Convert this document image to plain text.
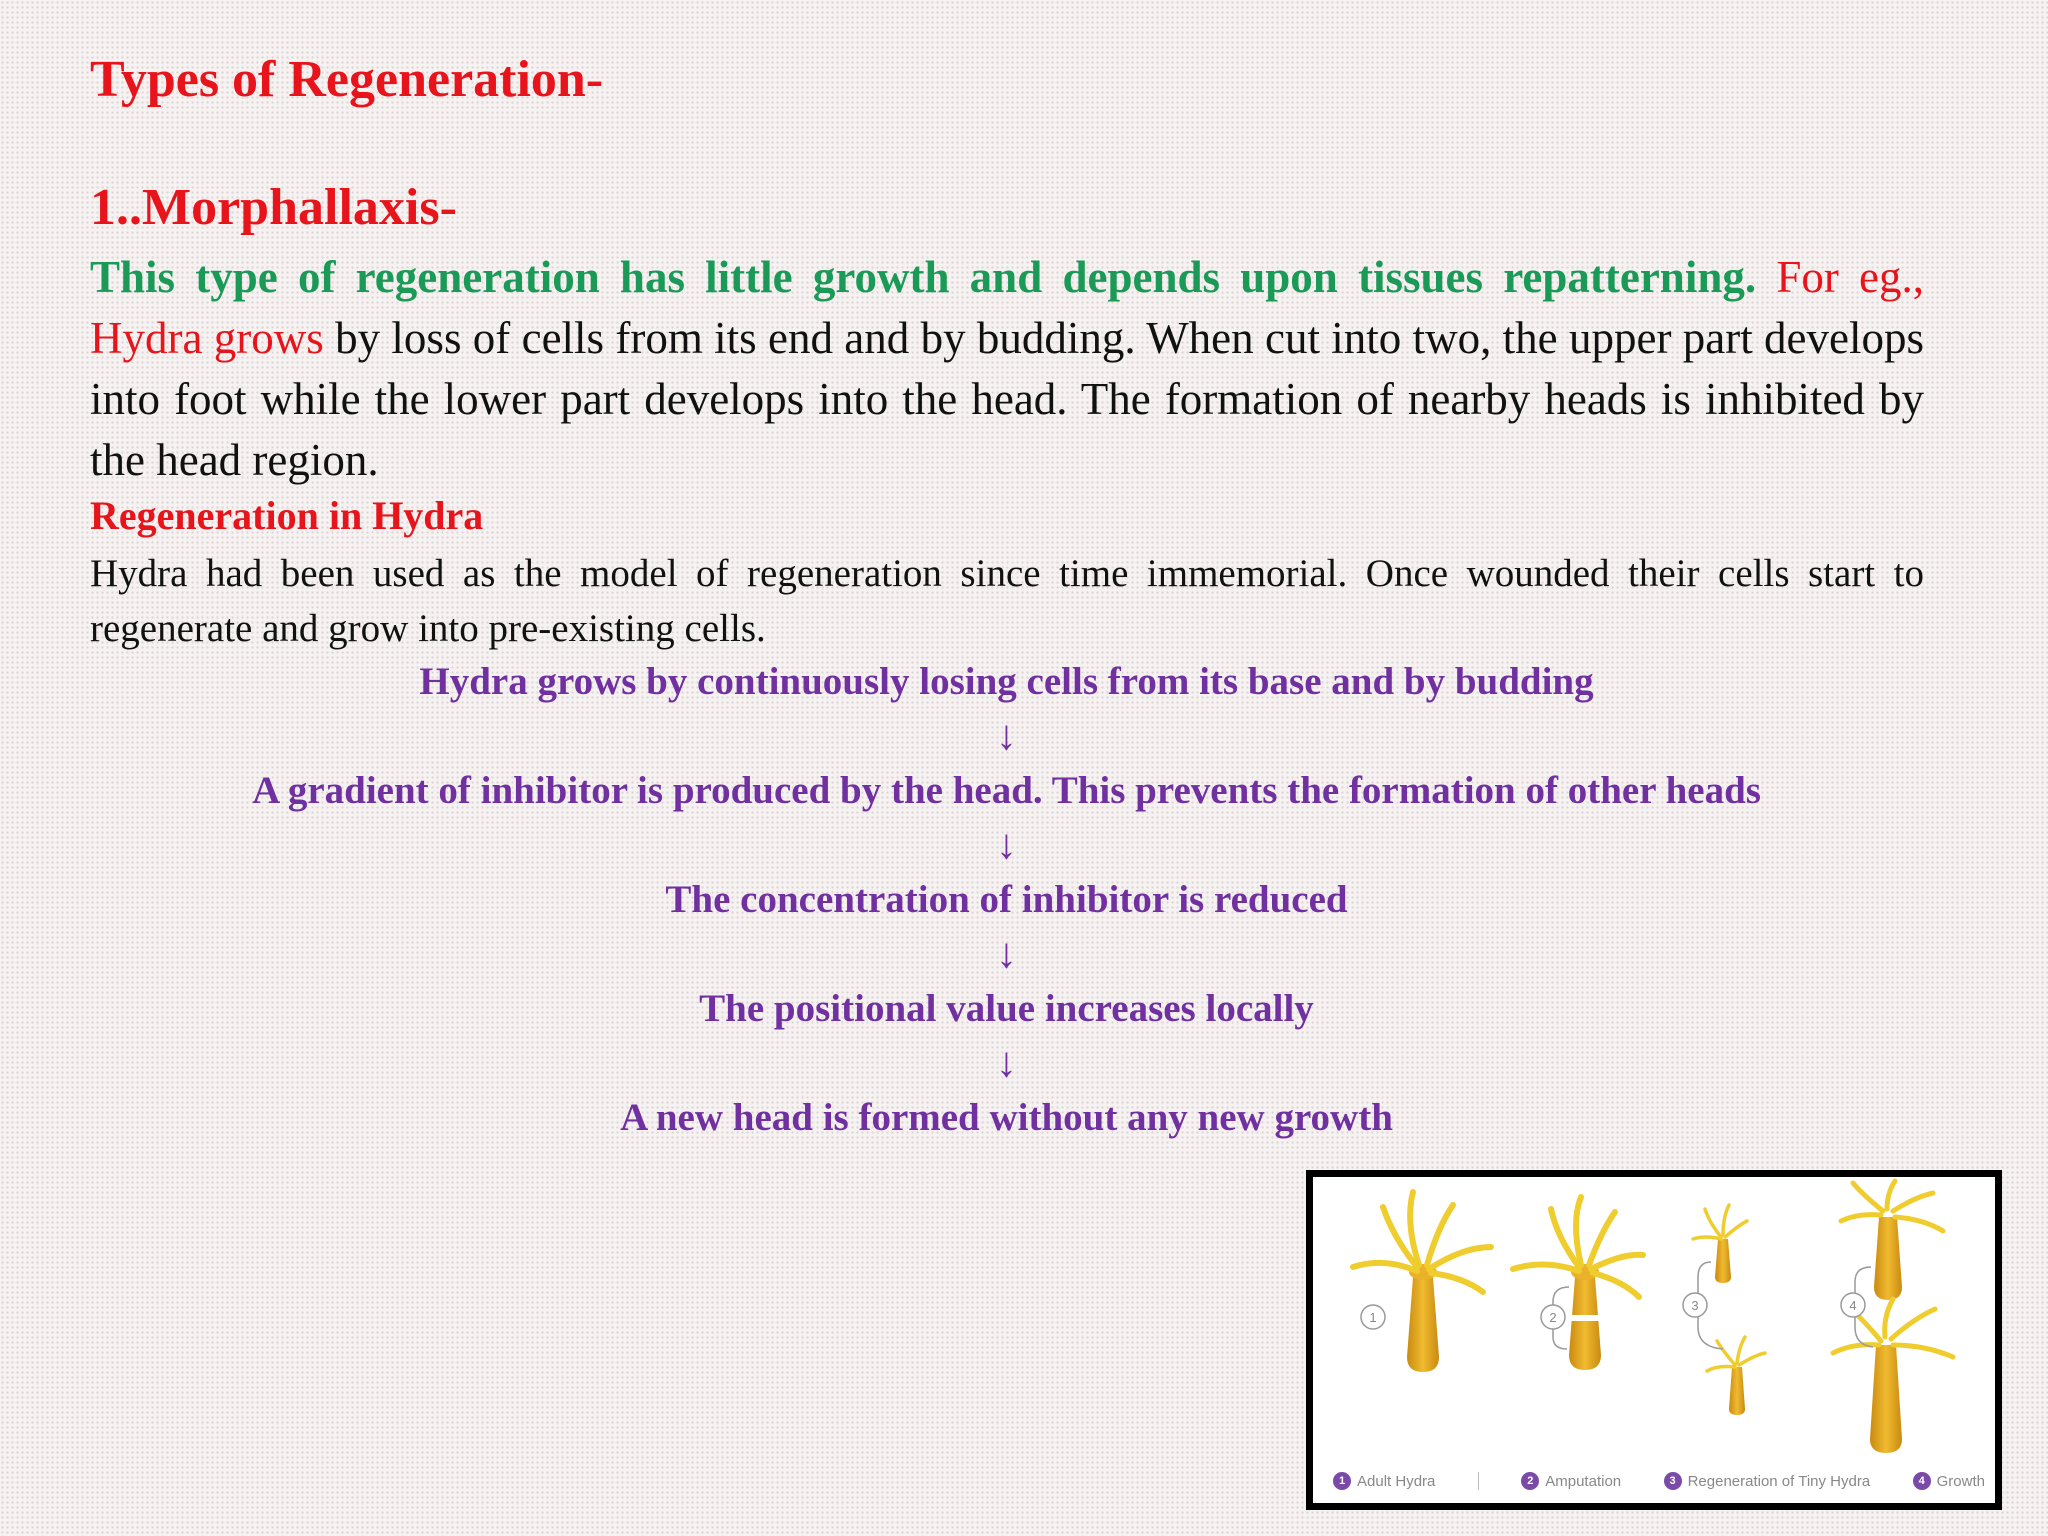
Types of Regeneration-
1..Morphallaxis-
This type of regeneration has little growth and depends upon tissues repatterning. For eg., Hydra grows by loss of cells from its end and by budding. When cut into two, the upper part develops into foot while the lower part develops into the head. The formation of nearby heads is inhibited by the head region.
Regeneration in Hydra
Hydra had been used as the model of regeneration since time immemorial. Once wounded their cells start to regenerate and grow into pre-existing cells.
Hydra grows by continuously losing cells from its base and by budding
↓
A gradient of inhibitor is produced by the head. This prevents the formation of other heads
↓
The concentration of inhibitor is reduced
↓
The positional value increases locally
↓
A new head is formed without any new growth
1	2
3	4
1 Adult Hydra	2 Amputation	3 Regeneration of Tiny Hydra	4 Growth
